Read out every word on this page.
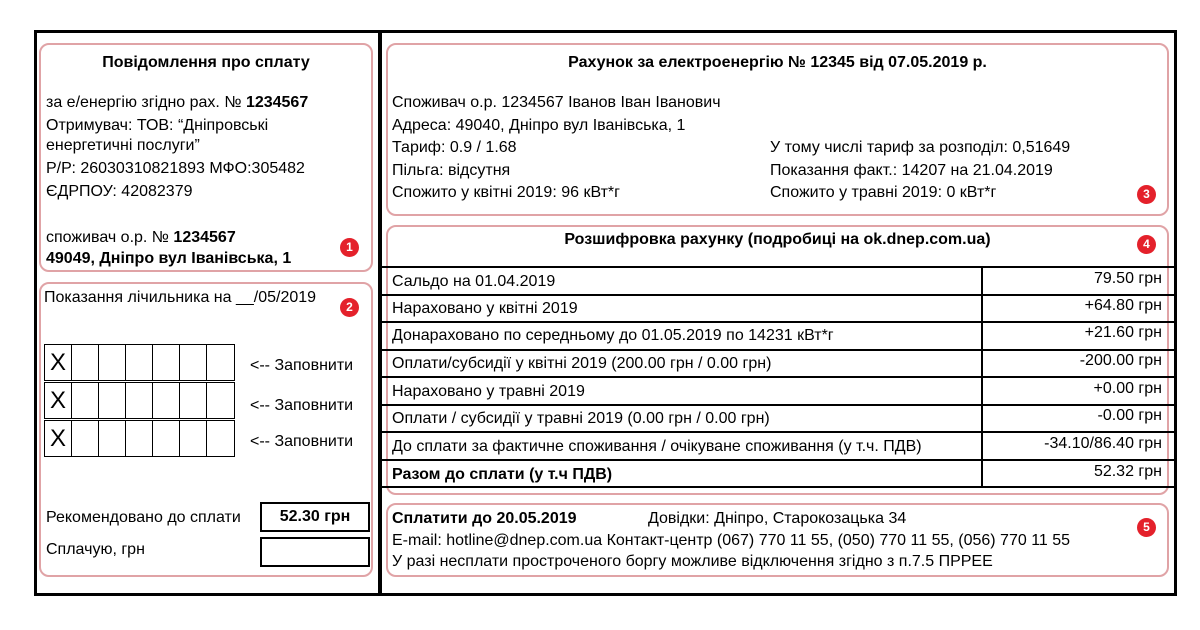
Повідомлення про сплату
за е/енергію згідно рах. № 1234567
Отримувач: ТОВ: “Дніпровські
енергетичні послуги”
Р/Р: 26030310821893 МФО:305482
ЄДРПОУ: 42082379
споживач о.р. № 1234567
49049, Дніпро вул Іванівська, 1
1
Показання лічильника на __/05/2019
2
X	<-- Заповнити
X	<-- Заповнити
X	<-- Заповнити
Рекомендовано до сплати	52.30 грн
Сплачую, грн
Рахунок за електроенергію № 12345 від 07.05.2019 р.
Споживач о.р. 1234567 Іванов Іван Іванович
Адреса: 49040, Дніпро вул Іванівська, 1
Тариф: 0.9 / 1.68
Пільга: відсутня
Спожито у квітні 2019: 96 кВт*г
У тому числі тариф за розподіл: 0,51649
Показання факт.: 14207 на 21.04.2019
Спожито у травні 2019: 0 кВт*г	3
Розшифровка рахунку (подробиці на ok.dnep.com.ua)	4
Сальдо на 01.04.2019	79.50 грн
Нараховано у квітні 2019	+64.80 грн
Донараховано по середньому до 01.05.2019 по 14231 кВт*г	+21.60 грн
Оплати/субсидії у квітні 2019 (200.00 грн / 0.00 грн)	-200.00 грн
Нараховано у травні 2019	+0.00 грн
Оплати / субсидії у травні 2019 (0.00 грн / 0.00 грн)	-0.00 грн
До сплати за фактичне споживання / очікуване споживання (у т.ч. ПДВ)	-34.10/86.40 грн
Разом до сплати (у т.ч ПДВ)	52.32 грн
Сплатити до 20.05.2019	Довідки: Дніпро, Старокозацька 34
E-mail: hotline@dnep.com.ua Контакт-центр (067) 770 11 55, (050) 770 11 55, (056) 770 11 55
У разі несплати простроченого боргу можливе відключення згідно з п.7.5 ПРРЕЕ
5
